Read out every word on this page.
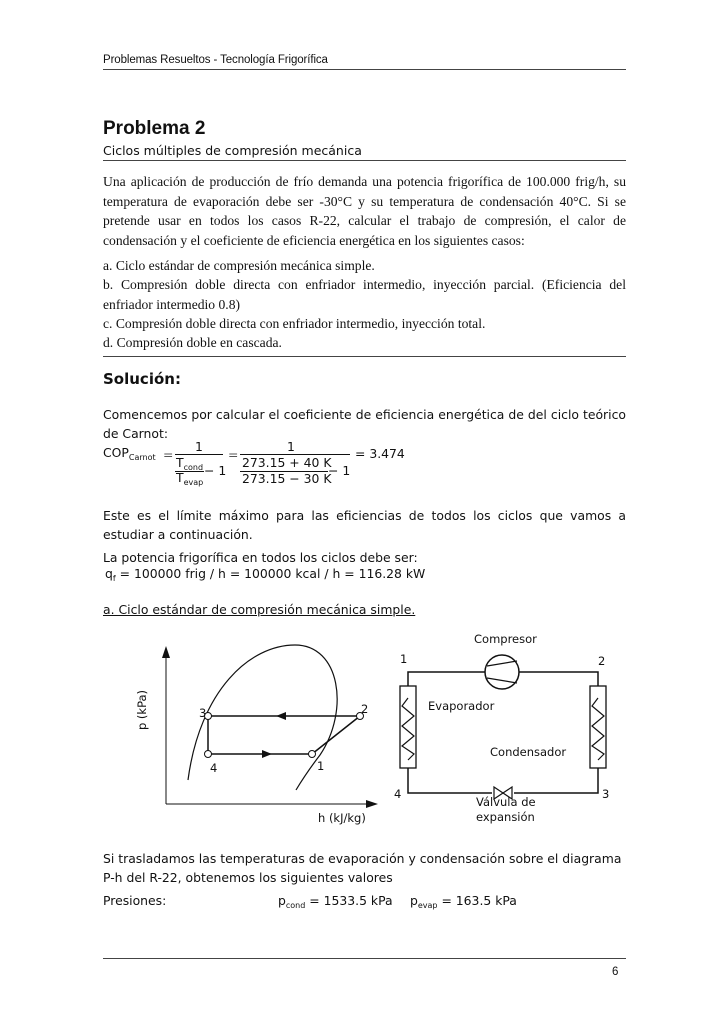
Problemas Resueltos - Tecnología Frigorífica
Problema 2
Ciclos múltiples de compresión mecánica
Una aplicación de producción de frío demanda una potencia frigorífica de 100.000 frig/h, su temperatura de evaporación debe ser -30°C y su temperatura de condensación 40°C. Si se pretende usar en todos los casos R-22, calcular el trabajo de compresión, el calor de condensación y el coeficiente de eficiencia energética en los siguientes casos:
a. Ciclo estándar de compresión mecánica simple.
b. Compresión doble directa con enfriador intermedio, inyección parcial. (Eficiencia del enfriador intermedio 0.8)
c. Compresión doble directa con enfriador intermedio, inyección total.
d. Compresión doble en cascada.
Solución:
Comencemos por calcular el coeficiente de eficiencia energética de del ciclo teórico de Carnot:
$COP_{Carnot}$ =
1
$T_{cond}$
$T_{evap}$
− 1
=
1
273.15 + 40 K
273.15 − 30 K
− 1
= 3.474
Este es el límite máximo para las eficiencias de todos los ciclos que vamos a estudiar a continuación.
La potencia frigorífica en todos los ciclos debe ser:
$q_f = 100000$ frig / h = 100000 kcal / h = 116.28 kW
a. Ciclo estándar de compresión mecánica simple.
p (kPa)
h (kJ/kg)
3
4	1
2
Compresor
Evaporador
Condensador
Válvula de
expansión
1	2
3
4
Si trasladamos las temperaturas de evaporación y condensación sobre el diagrama P-h del R-22, obtenemos los siguientes valores
Presiones:	$p_{cond} = 1533.5$ kPa $p_{evap} = 163.5$ kPa
6
